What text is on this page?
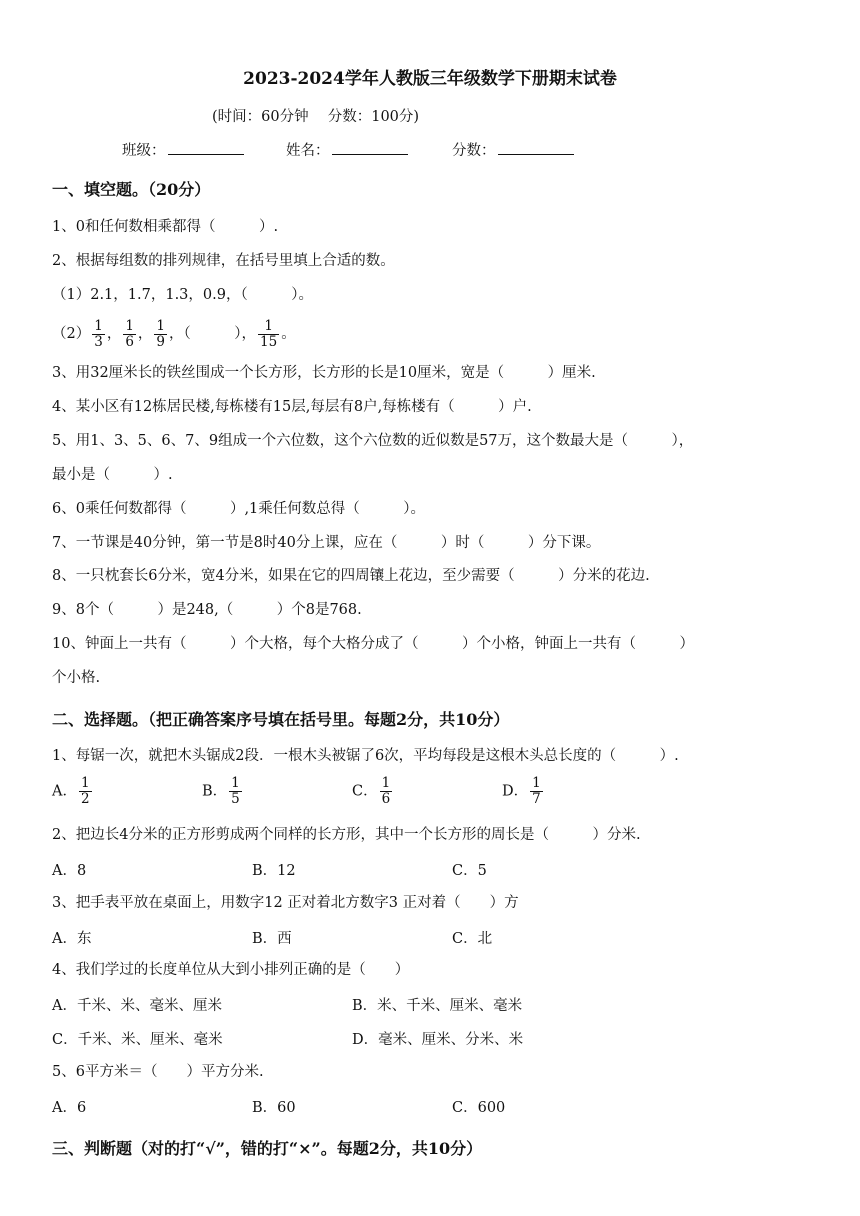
2023-2024学年人教版三年级数学下册期末试卷
(时间：60分钟　 分数：100分)
班级：	姓名：	分数：
一、填空题。（20分）
1、0和任何数相乘都得（　　　）.
2、根据每组数的排列规律，在括号里填上合适的数。
（1）2.1，1.7，1.3，0.9，（　　　）。
$(2) \frac{1}{3}$ ， $\frac{1}{6}$ ， $\frac{1}{9}$ ，（　　　）， $\frac{1}{15}$ 。
3、用32厘米长的铁丝围成一个长方形，长方形的长是10厘米，宽是（　　　）厘米.
4、某小区有12栋居民楼,每栋楼有15层,每层有8户,每栋楼有（　　　）户.
5、用1、3、5、6、7、9组成一个六位数，这个六位数的近似数是57万，这个数最大是（　　　），
最小是（　　　）.
6、0乘任何数都得（　　　）,1乘任何数总得（　　　）。
7、一节课是40分钟，第一节是8时40分上课，应在（　　　）时（　　　）分下课。
8、一只枕套长6分米，宽4分米，如果在它的四周镶上花边，至少需要（　　　）分米的花边.
9、8个（　　　）是248,（　　　）个8是768.
10、钟面上一共有（　　　）个大格，每个大格分成了（　　　）个小格，钟面上一共有（　　　）
个小格.
二、选择题。（把正确答案序号填在括号里。每题2分，共10分）
1、每锯一次，就把木头锯成2段．一根木头被锯了6次，平均每段是这根木头总长度的（　　　）.
A． $\frac{1}{2}$	B． $\frac{1}{5}$	C． $\frac{1}{6}$	D． $\frac{1}{7}$
2、把边长4分米的正方形剪成两个同样的长方形，其中一个长方形的周长是（　　　）分米.
A．8	B．12	C．5
3、把手表平放在桌面上，用数字12 正对着北方数字3 正对着（　　）方
A．东	B．西	C．北
4、我们学过的长度单位从大到小排列正确的是（　　）
A．千米、米、毫米、厘米	B．米、千米、厘米、毫米
C．千米、米、厘米、毫米	D．毫米、厘米、分米、米
5、6平方米＝（　　）平方分米.
A．6	B．60	C．600
三、判断题（对的打“√”，错的打“×”。每题2分，共10分）
